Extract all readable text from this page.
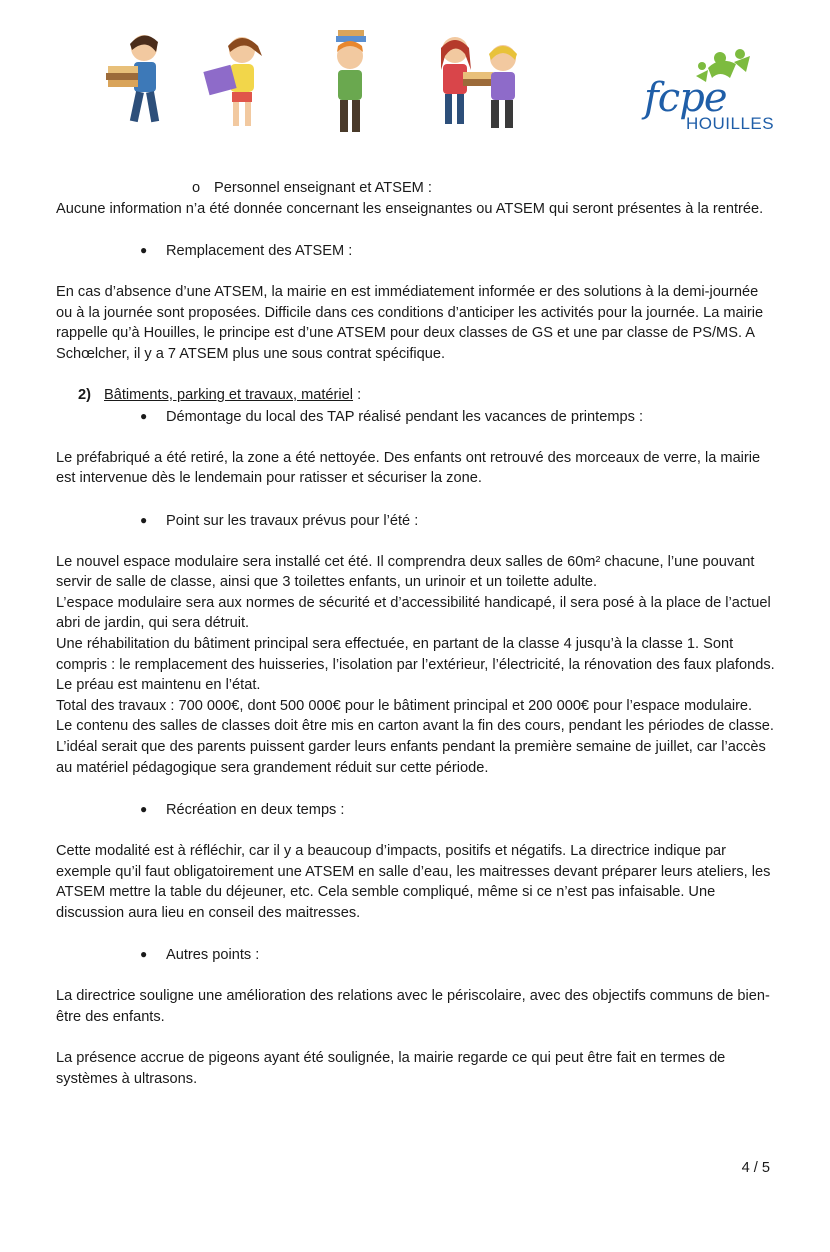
fcpe
HOUILLES

o Personnel enseignant et ATSEM :

Aucune information n’a été donnée concernant les enseignantes ou ATSEM qui seront présentes à la rentrée.

● Remplacement des ATSEM :

En cas d’absence d’une ATSEM, la mairie en est immédiatement informée er des solutions à la demi-journée ou à la journée sont proposées. Difficile dans ces conditions d’anticiper les activités pour la journée. La mairie rappelle qu’à Houilles, le principe est d’une ATSEM pour deux classes de GS et une par classe de PS/MS. A Schœlcher, il y a 7 ATSEM plus une sous contrat spécifique.

2) Bâtiments, parking et travaux, matériel :

● Démontage du local des TAP réalisé pendant les vacances de printemps :

Le préfabriqué a été retiré, la zone a été nettoyée. Des enfants ont retrouvé des morceaux de verre, la mairie est intervenue dès le lendemain pour ratisser et sécuriser la zone.

● Point sur les travaux prévus pour l’été :

Le nouvel espace modulaire sera installé cet été. Il comprendra deux salles de 60m² chacune, l’une pouvant servir de salle de classe, ainsi que 3 toilettes enfants, un urinoir et un toilette adulte.

L’espace modulaire sera aux normes de sécurité et d’accessibilité handicapé, il sera posé à la place de l’actuel abri de jardin, qui sera détruit.

Une réhabilitation du bâtiment principal sera effectuée, en partant de la classe 4 jusqu’à la classe 1. Sont compris : le remplacement des huisseries, l’isolation par l’extérieur, l’électricité, la rénovation des faux plafonds. Le préau est maintenu en l’état.

Total des travaux : 700 000€, dont 500 000€ pour le bâtiment principal et 200 000€ pour l’espace modulaire.

Le contenu des salles de classes doit être mis en carton avant la fin des cours, pendant les périodes de classe. L’idéal serait que des parents puissent garder leurs enfants pendant la première semaine de juillet, car l’accès au matériel pédagogique sera grandement réduit sur cette période.

● Récréation en deux temps :

Cette modalité est à réfléchir, car il y a beaucoup d’impacts, positifs et négatifs. La directrice indique par exemple qu’il faut obligatoirement une ATSEM en salle d’eau, les maitresses devant préparer leurs ateliers, les ATSEM mettre la table du déjeuner, etc. Cela semble compliqué, même si ce n’est pas infaisable. Une discussion aura lieu en conseil des maitresses.

● Autres points :

La directrice souligne une amélioration des relations avec le périscolaire, avec des objectifs communs de bien-être des enfants.

La présence accrue de pigeons ayant été soulignée, la mairie regarde ce qui peut être fait en termes de systèmes à ultrasons.

4 / 5
